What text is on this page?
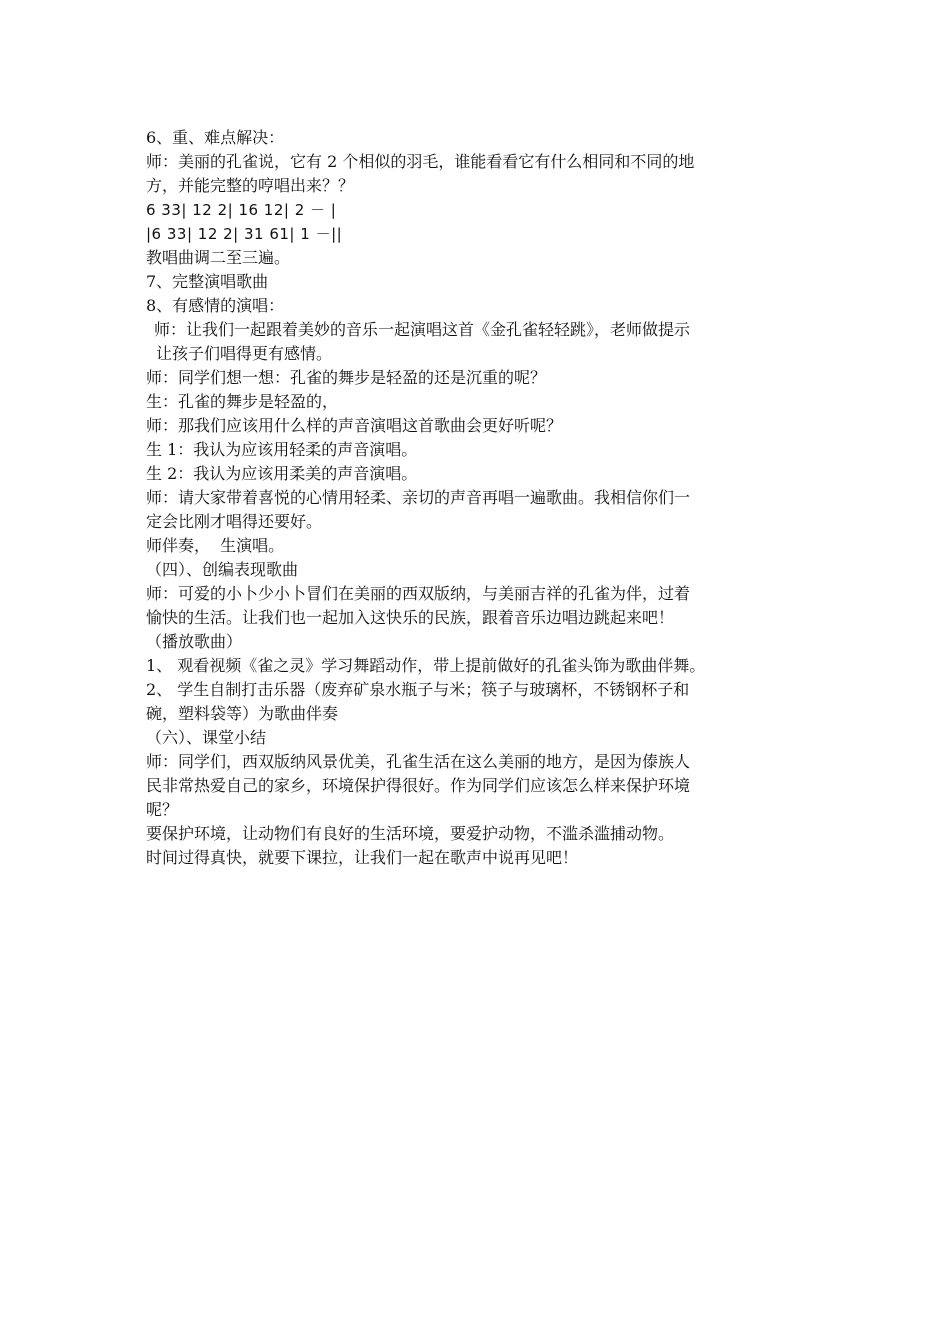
6、重、难点解决：
师：美丽的孔雀说，它有 2 个相似的羽毛，谁能看看它有什么相同和不同的地
方，并能完整的哼唱出来？？
6 33| 12 2| 16 12| 2 － |
|6 33| 12 2| 31 61| 1 －||
教唱曲调二至三遍。
7、完整演唱歌曲
8、有感情的演唱：
师：让我们一起跟着美妙的音乐一起演唱这首《金孔雀轻轻跳》，老师做提示
让孩子们唱得更有感情。
师：同学们想一想：孔雀的舞步是轻盈的还是沉重的呢？
生：孔雀的舞步是轻盈的，
师：那我们应该用什么样的声音演唱这首歌曲会更好听呢？
生 1：我认为应该用轻柔的声音演唱。
生 2：我认为应该用柔美的声音演唱。
师：请大家带着喜悦的心情用轻柔、亲切的声音再唱一遍歌曲。我相信你们一
定会比刚才唱得还要好。
师伴奏，  生演唱。
（四）、创编表现歌曲
师：可爱的小卜少小卜冒们在美丽的西双版纳，与美丽吉祥的孔雀为伴，过着
愉快的生活。让我们也一起加入这快乐的民族，跟着音乐边唱边跳起来吧！
（播放歌曲）
1、 观看视频《雀之灵》学习舞蹈动作，带上提前做好的孔雀头饰为歌曲伴舞。
2、 学生自制打击乐器（废弃矿泉水瓶子与米；筷子与玻璃杯，不锈钢杯子和
碗，塑料袋等）为歌曲伴奏
（六）、课堂小结
师：同学们，西双版纳风景优美，孔雀生活在这么美丽的地方，是因为傣族人
民非常热爱自己的家乡，环境保护得很好。作为同学们应该怎么样来保护环境
呢？
要保护环境，让动物们有良好的生活环境，要爱护动物，不滥杀滥捕动物。
时间过得真快，就要下课拉，让我们一起在歌声中说再见吧！
